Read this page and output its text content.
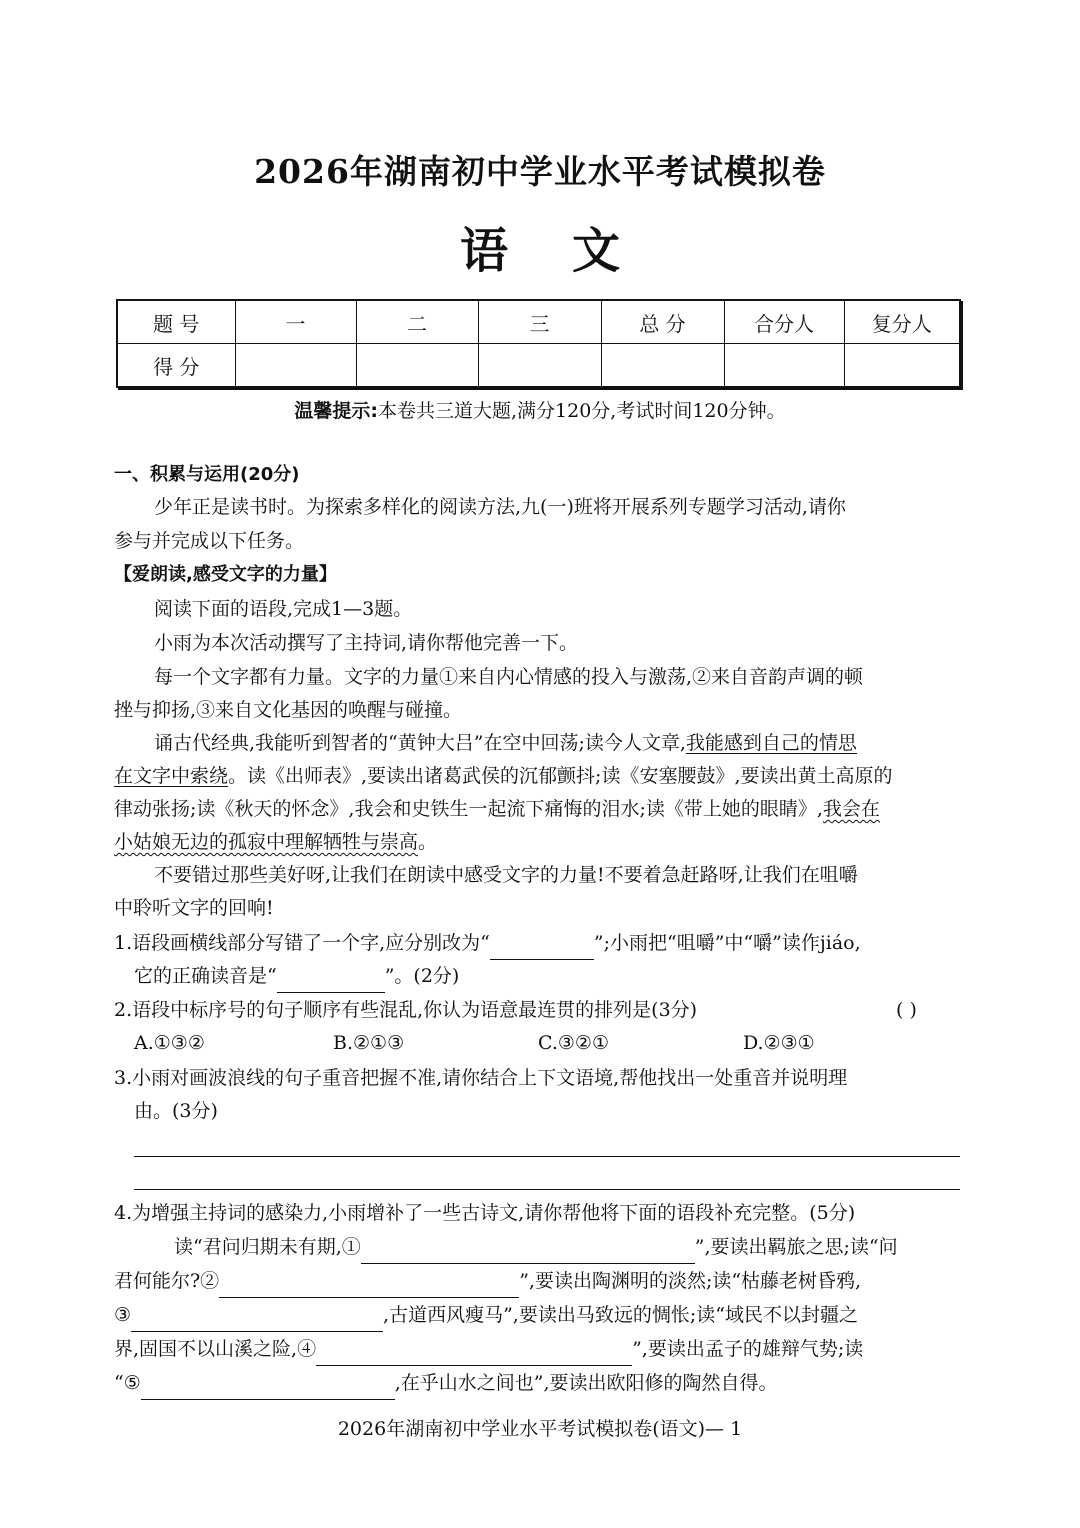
2026年湖南初中学业水平考试模拟卷
语文
题 号	一	二	三	总 分	合分人	复分人
得 分						
温馨提示:本卷共三道大题,满分120分,考试时间120分钟。
一、积累与运用(20分)
少年正是读书时。为探索多样化的阅读方法,九(一)班将开展系列专题学习活动,请你
参与并完成以下任务。
【爱朗读,感受文字的力量】
阅读下面的语段,完成1—3题。
小雨为本次活动撰写了主持词,请你帮他完善一下。
每一个文字都有力量。文字的力量①来自内心情感的投入与激荡,②来自音韵声调的顿
挫与抑扬,③来自文化基因的唤醒与碰撞。
诵古代经典,我能听到智者的“黄钟大吕”在空中回荡;读今人文章,我能感到自己的情思
在文字中索绕。读《出师表》,要读出诸葛武侯的沉郁颤抖;读《安塞腰鼓》,要读出黄土高原的
律动张扬;读《秋天的怀念》,我会和史铁生一起流下痛悔的泪水;读《带上她的眼睛》,我会在
小姑娘无边的孤寂中理解牺牲与崇高。
不要错过那些美好呀,让我们在朗读中感受文字的力量!不要着急赶路呀,让我们在咀嚼
中聆听文字的回响!
1.语段画横线部分写错了一个字,应分别改为“	”;小雨把“咀嚼”中“嚼”读作jiáo,
它的正确读音是“	”。(2分)
2.语段中标序号的句子顺序有些混乱,你认为语意最连贯的排列是(3分)	( )
A.①③②	B.②①③	C.③②①	D.②③①
3.小雨对画波浪线的句子重音把握不准,请你结合上下文语境,帮他找出一处重音并说明理
由。(3分)
4.为增强主持词的感染力,小雨增补了一些古诗文,请你帮他将下面的语段补充完整。(5分)
读“君问归期未有期,①	”,要读出羁旅之思;读“问
君何能尔?②	”,要读出陶渊明的淡然;读“枯藤老树昏鸦,
③	,古道西风瘦马”,要读出马致远的惆怅;读“域民不以封疆之
界,固国不以山溪之险,④	”,要读出孟子的雄辩气势;读
“⑤	,在乎山水之间也”,要读出欧阳修的陶然自得。
2026年湖南初中学业水平考试模拟卷(语文)— 1
